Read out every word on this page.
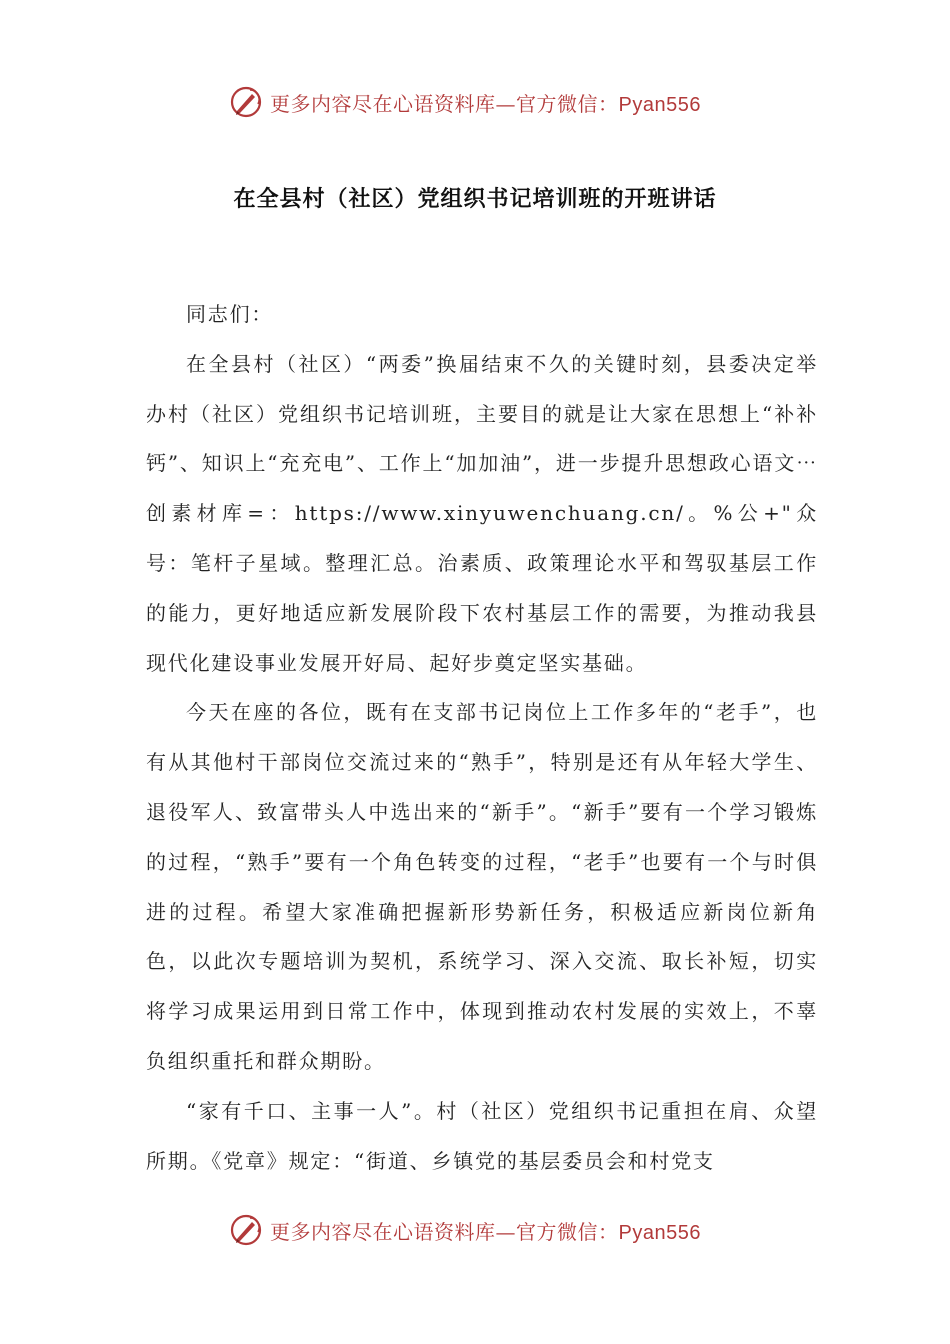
更多内容尽在心语资料库—官方微信：Pyan556
在全县村（社区）党组织书记培训班的开班讲话

同志们：

在全县村（社区）“两委”换届结束不久的关键时刻，县委决定举办村（社区）党组织书记培训班，主要目的就是让大家在思想上“补补钙”、知识上“充充电”、工作上“加加油”，进一步提升思想政心语文⋯创素材库=：https://www.xinyuwenchuang.cn/。%公+"众号：笔杆子星域。整理汇总。治素质、政策理论水平和驾驭基层工作的能力，更好地适应新发展阶段下农村基层工作的需要，为推动我县现代化建设事业发展开好局、起好步奠定坚实基础。

今天在座的各位，既有在支部书记岗位上工作多年的“老手”，也有从其他村干部岗位交流过来的“熟手”，特别是还有从年轻大学生、退役军人、致富带头人中选出来的“新手”。“新手”要有一个学习锻炼的过程，“熟手”要有一个角色转变的过程，“老手”也要有一个与时俱进的过程。希望大家准确把握新形势新任务，积极适应新岗位新角色，以此次专题培训为契机，系统学习、深入交流、取长补短，切实将学习成果运用到日常工作中，体现到推动农村发展的实效上，不辜负组织重托和群众期盼。

“家有千口、主事一人”。村（社区）党组织书记重担在肩、众望所期。《党章》规定：“街道、乡镇党的基层委员会和村党支

更多内容尽在心语资料库—官方微信：Pyan556
